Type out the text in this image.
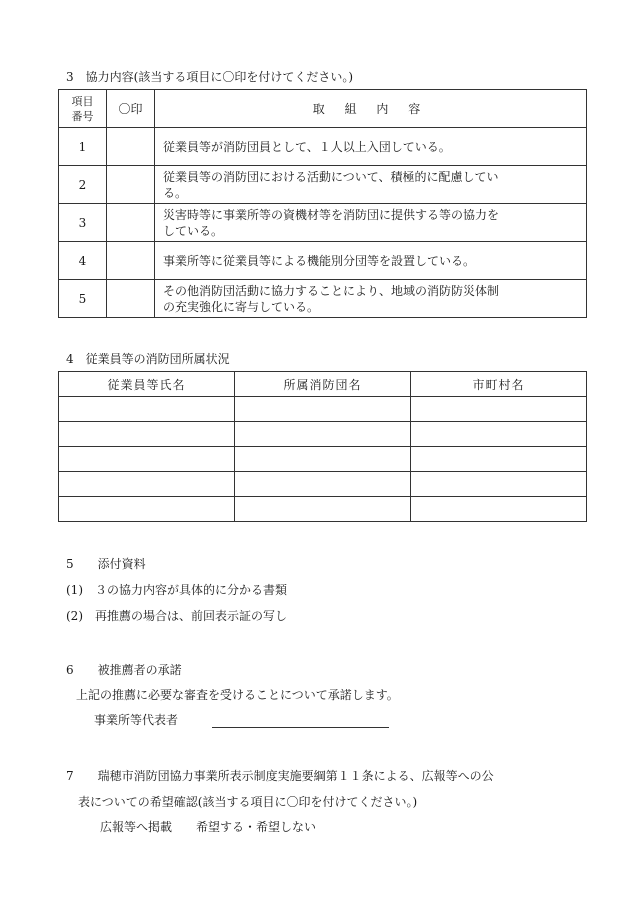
3　協力内容(該当する項目に〇印を付けてください。)
項目
番号	〇印	取 組 内 容
1		従業員等が消防団員として、１人以上入団している。

2		従業員等の消防団における活動について、積極的に配慮してい
る。

3		災害時等に事業所等の資機材等を消防団に提供する等の協力を
している。

4		事業所等に従業員等による機能別分団等を設置している。

5		その他消防団活動に協力することにより、地域の消防防災体制
の充実強化に寄与している。
4　従業員等の消防団所属状況
従業員等氏名	所属消防団名	市町村名

5　　添付資料
(1)　３の協力内容が具体的に分かる書類
(2)　再推薦の場合は、前回表示証の写し
6　　被推薦者の承諾
上記の推薦に必要な審査を受けることについて承諾します。
事業所等代表者
7　　瑞穂市消防団協力事業所表示制度実施要綱第１１条による、広報等への公
表についての希望確認(該当する項目に〇印を付けてください。)
広報等へ掲載　　希望する・希望しない
